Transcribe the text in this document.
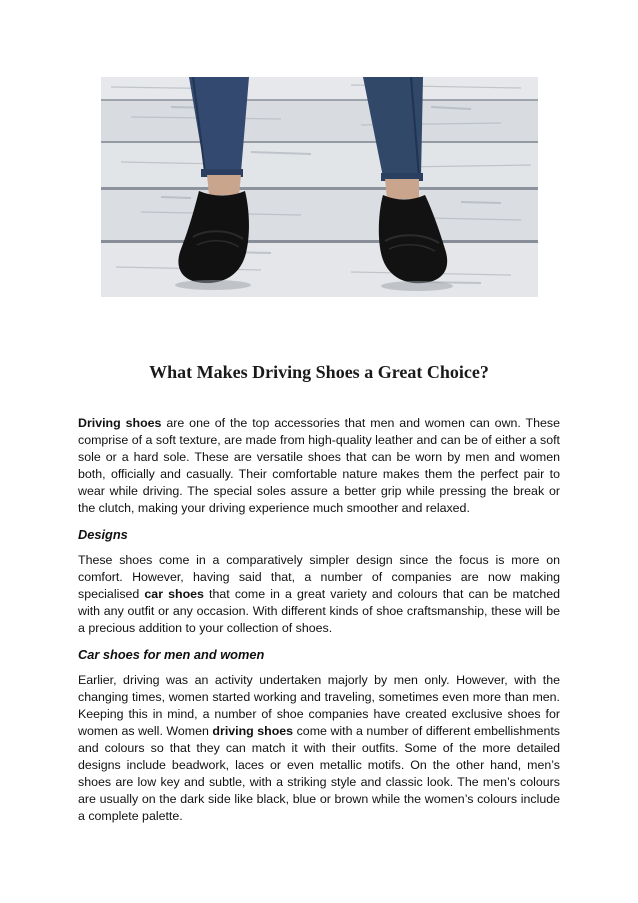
What Makes Driving Shoes a Great Choice?

Driving shoes are one of the top accessories that men and women can own. These comprise of a soft texture, are made from high-quality leather and can be of either a soft sole or a hard sole. These are versatile shoes that can be worn by men and women both, officially and casually. Their comfortable nature makes them the perfect pair to wear while driving. The special soles assure a better grip while pressing the break or the clutch, making your driving experience much smoother and relaxed.

Designs

These shoes come in a comparatively simpler design since the focus is more on comfort. However, having said that, a number of companies are now making specialised car shoes that come in a great variety and colours that can be matched with any outfit or any occasion. With different kinds of shoe craftsmanship, these will be a precious addition to your collection of shoes.

Car shoes for men and women

Earlier, driving was an activity undertaken majorly by men only. However, with the changing times, women started working and traveling, sometimes even more than men. Keeping this in mind, a number of shoe companies have created exclusive shoes for women as well. Women driving shoes come with a number of different embellishments and colours so that they can match it with their outfits. Some of the more detailed designs include beadwork, laces or even metallic motifs. On the other hand, men’s shoes are low key and subtle, with a striking style and classic look. The men’s colours are usually on the dark side like black, blue or brown while the women’s colours include a complete palette.
